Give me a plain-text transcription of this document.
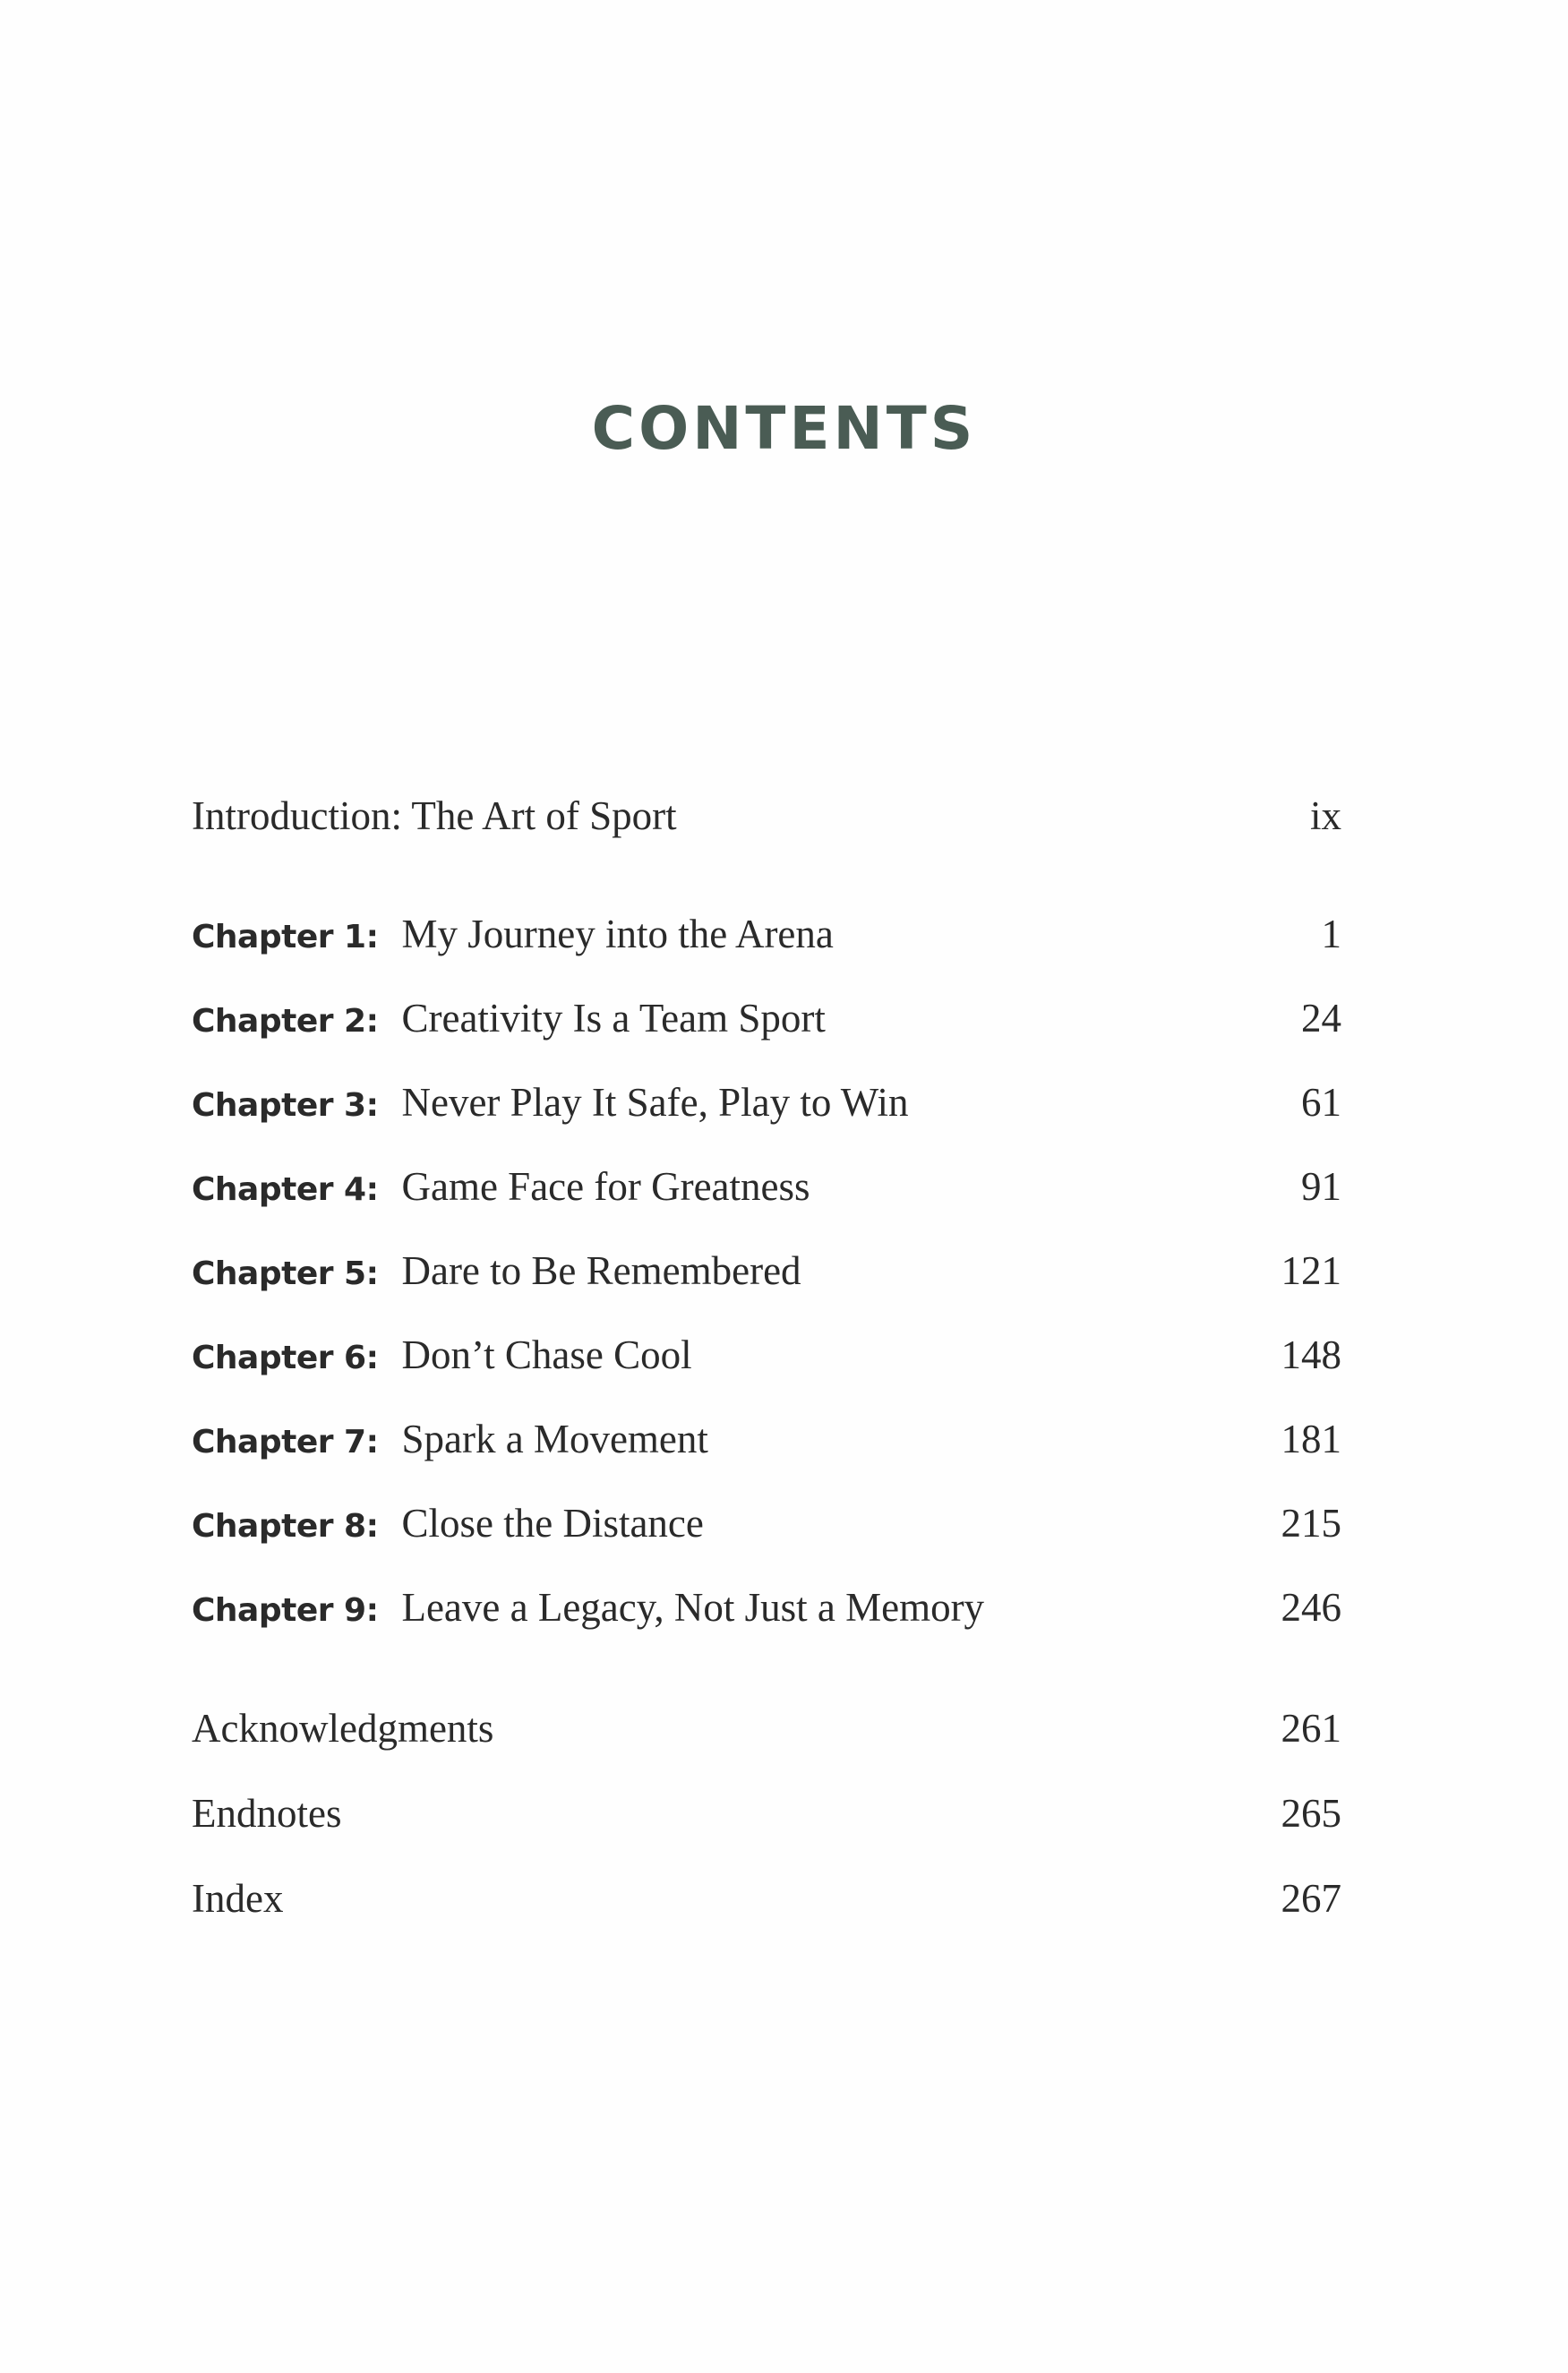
CONTENTS
Introduction: The Art of Sport	ix
Chapter 1: My Journey into the Arena	1
Chapter 2: Creativity Is a Team Sport	24
Chapter 3: Never Play It Safe, Play to Win	61
Chapter 4: Game Face for Greatness	91
Chapter 5: Dare to Be Remembered	121
Chapter 6: Don’t Chase Cool	148
Chapter 7: Spark a Movement	181
Chapter 8: Close the Distance	215
Chapter 9: Leave a Legacy, Not Just a Memory	246
Acknowledgments	261
Endnotes	265
Index	267
